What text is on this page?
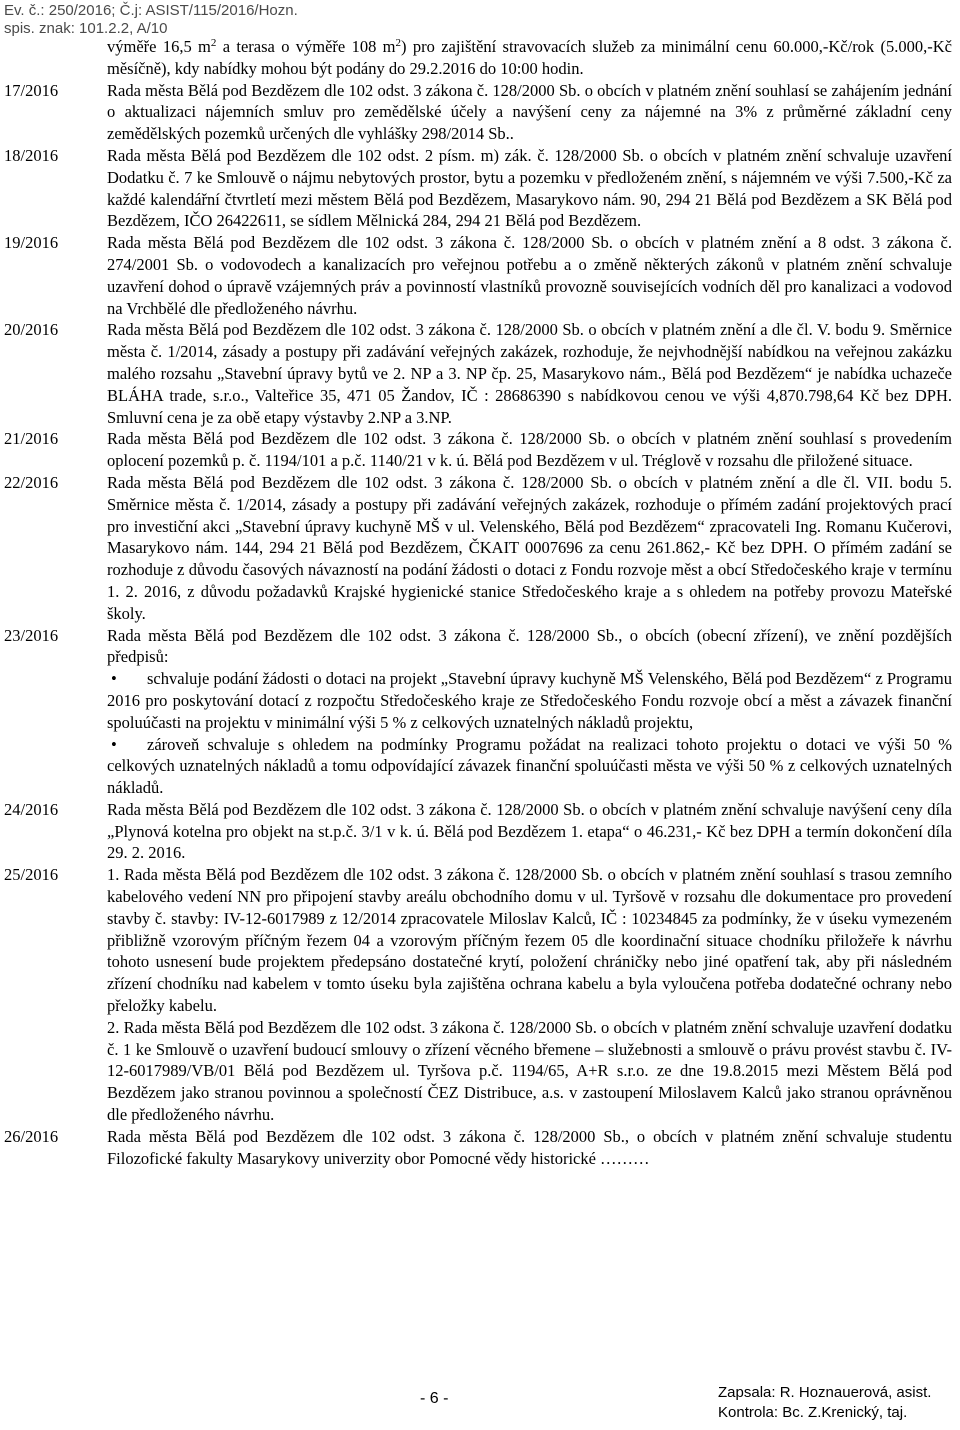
Ev. č.: 250/2016; Č.j: ASIST/115/2016/Hozn.
spis. znak: 101.2.2, A/10
výměře 16,5 $m^2$ a terasa o výměře 108 $m^2$) pro zajištění stravovacích služeb za minimální cenu 60.000,-Kč/rok (5.000,-Kč měsíčně), kdy nabídky mohou být podány do 29.2.2016 do 10:00 hodin.
17/2016	Rada města Bělá pod Bezdězem dle 102 odst. 3 zákona č. 128/2000 Sb. o obcích v platném znění souhlasí se zahájením jednání o aktualizaci nájemních smluv pro zemědělské účely a navýšení ceny za nájemné na 3% z průměrné základní ceny zemědělských pozemků určených dle vyhlášky 298/2014 Sb..

18/2016	Rada města Bělá pod Bezdězem dle 102 odst. 2 písm. m) zák. č. 128/2000 Sb. o obcích v platném znění schvaluje uzavření Dodatku č. 7 ke Smlouvě o nájmu nebytových prostor, bytu a pozemku v předloženém znění, s nájemném ve výši 7.500,-Kč za každé kalendářní čtvrtletí mezi městem Bělá pod Bezdězem, Masarykovo nám. 90, 294 21 Bělá pod Bezdězem a SK Bělá pod Bezdězem, IČO 26422611, se sídlem Mělnická 284, 294 21 Bělá pod Bezdězem.

19/2016	Rada města Bělá pod Bezdězem dle 102 odst. 3 zákona č. 128/2000 Sb. o obcích v platném znění a 8 odst. 3 zákona č. 274/2001 Sb. o vodovodech a kanalizacích pro veřejnou potřebu a o změně některých zákonů v platném znění schvaluje uzavření dohod o úpravě vzájemných práv a povinností vlastníků provozně souvisejících vodních děl pro kanalizaci a vodovod na Vrchbělé dle předloženého návrhu.

20/2016	Rada města Bělá pod Bezdězem dle 102 odst. 3 zákona č. 128/2000 Sb. o obcích v platném znění a dle čl. V. bodu 9. Směrnice města č. 1/2014, zásady a postupy při zadávání veřejných zakázek, rozhoduje, že nejvhodnější nabídkou na veřejnou zakázku malého rozsahu „Stavební úpravy bytů ve 2. NP a 3. NP čp. 25, Masarykovo nám., Bělá pod Bezdězem“ je nabídka uchazeče BLÁHA trade, s.r.o., Valteřice 35, 471 05 Žandov, IČ : 28686390 s nabídkovou cenou ve výši 4,870.798,64 Kč bez DPH. Smluvní cena je za obě etapy výstavby 2.NP a 3.NP.

21/2016	Rada města Bělá pod Bezdězem dle 102 odst. 3 zákona č. 128/2000 Sb. o obcích v platném znění souhlasí s provedením oplocení pozemků p. č. 1194/101 a p.č. 1140/21 v k. ú. Bělá pod Bezdězem v ul. Tréglově v rozsahu dle přiložené situace.

22/2016	Rada města Bělá pod Bezdězem dle 102 odst. 3 zákona č. 128/2000 Sb. o obcích v platném znění a dle čl. VII. bodu 5. Směrnice města č. 1/2014, zásady a postupy při zadávání veřejných zakázek, rozhoduje o přímém zadání projektových prací pro investiční akci „Stavební úpravy kuchyně MŠ v ul. Velenského, Bělá pod Bezdězem“ zpracovateli Ing. Romanu Kučerovi, Masarykovo nám. 144, 294 21 Bělá pod Bezdězem, ČKAIT 0007696 za cenu 261.862,- Kč bez DPH. O přímém zadání se rozhoduje z důvodu časových návazností na podání žádosti o dotaci z Fondu rozvoje měst a obcí Středočeského kraje v termínu 1. 2. 2016, z důvodu požadavků Krajské hygienické stanice Středočeského kraje a s ohledem na potřeby provozu Mateřské školy.

23/2016	Rada města Bělá pod Bezdězem dle 102 odst. 3 zákona č. 128/2000 Sb., o obcích (obecní zřízení), ve znění pozdějších předpisů:

• schvaluje podání žádosti o dotaci na projekt „Stavební úpravy kuchyně MŠ Velenského, Bělá pod Bezdězem“ z Programu 2016 pro poskytování dotací z rozpočtu Středočeského kraje ze Středočeského Fondu rozvoje obcí a měst a závazek finanční spoluúčasti na projektu v minimální výši 5 % z celkových uznatelných nákladů projektu,
• zároveň schvaluje s ohledem na podmínky Programu požádat na realizaci tohoto projektu o dotaci ve výši 50 % celkových uznatelných nákladů a tomu odpovídající závazek finanční spoluúčasti města ve výši 50 % z celkových uznatelných nákladů.
24/2016	Rada města Bělá pod Bezdězem dle 102 odst. 3 zákona č. 128/2000 Sb. o obcích v platném znění schvaluje navýšení ceny díla „Plynová kotelna pro objekt na st.p.č. 3/1 v k. ú. Bělá pod Bezdězem 1. etapa“ o 46.231,- Kč bez DPH a termín dokončení díla 29. 2. 2016.

25/2016	1. Rada města Bělá pod Bezdězem dle 102 odst. 3 zákona č. 128/2000 Sb. o obcích v platném znění souhlasí s trasou zemního kabelového vedení NN pro připojení stavby areálu obchodního domu v ul. Tyršově v rozsahu dle dokumentace pro provedení stavby č. stavby: IV-12-6017989 z 12/2014 zpracovatele Miloslav Kalců, IČ : 10234845 za podmínky, že v úseku vymezeném přibližně vzorovým příčným řezem 04 a vzorovým příčným řezem 05 dle koordinační situace chodníku přiložeře k návrhu tohoto usnesení bude projektem předepsáno dostatečné krytí, položení chráničky nebo jiné opatření tak, aby při následném zřízení chodníku nad kabelem v tomto úseku byla zajištěna ochrana kabelu a byla vyloučena potřeba dodatečné ochrany nebo přeložky kabelu.

2. Rada města Bělá pod Bezdězem dle 102 odst. 3 zákona č. 128/2000 Sb. o obcích v platném znění schvaluje uzavření dodatku č. 1 ke Smlouvě o uzavření budoucí smlouvy o zřízení věcného břemene – služebnosti a smlouvě o právu provést stavbu č. IV-12-6017989/VB/01 Bělá pod Bezdězem ul. Tyršova p.č. 1194/65, A+R s.r.o. ze dne 19.8.2015 mezi Městem Bělá pod Bezdězem jako stranou povinnou a společností ČEZ Distribuce, a.s. v zastoupení Miloslavem Kalců jako stranou oprávněnou dle předloženého návrhu.

26/2016	Rada města Bělá pod Bezdězem dle 102 odst. 3 zákona č. 128/2000 Sb., o obcích v platném znění schvaluje studentu Filozofické fakulty Masarykovy univerzity obor Pomocné vědy historické ………

- 6 -	Zapsala: R. Hoznauerová, asist.
Kontrola: Bc. Z.Krenický, taj.
